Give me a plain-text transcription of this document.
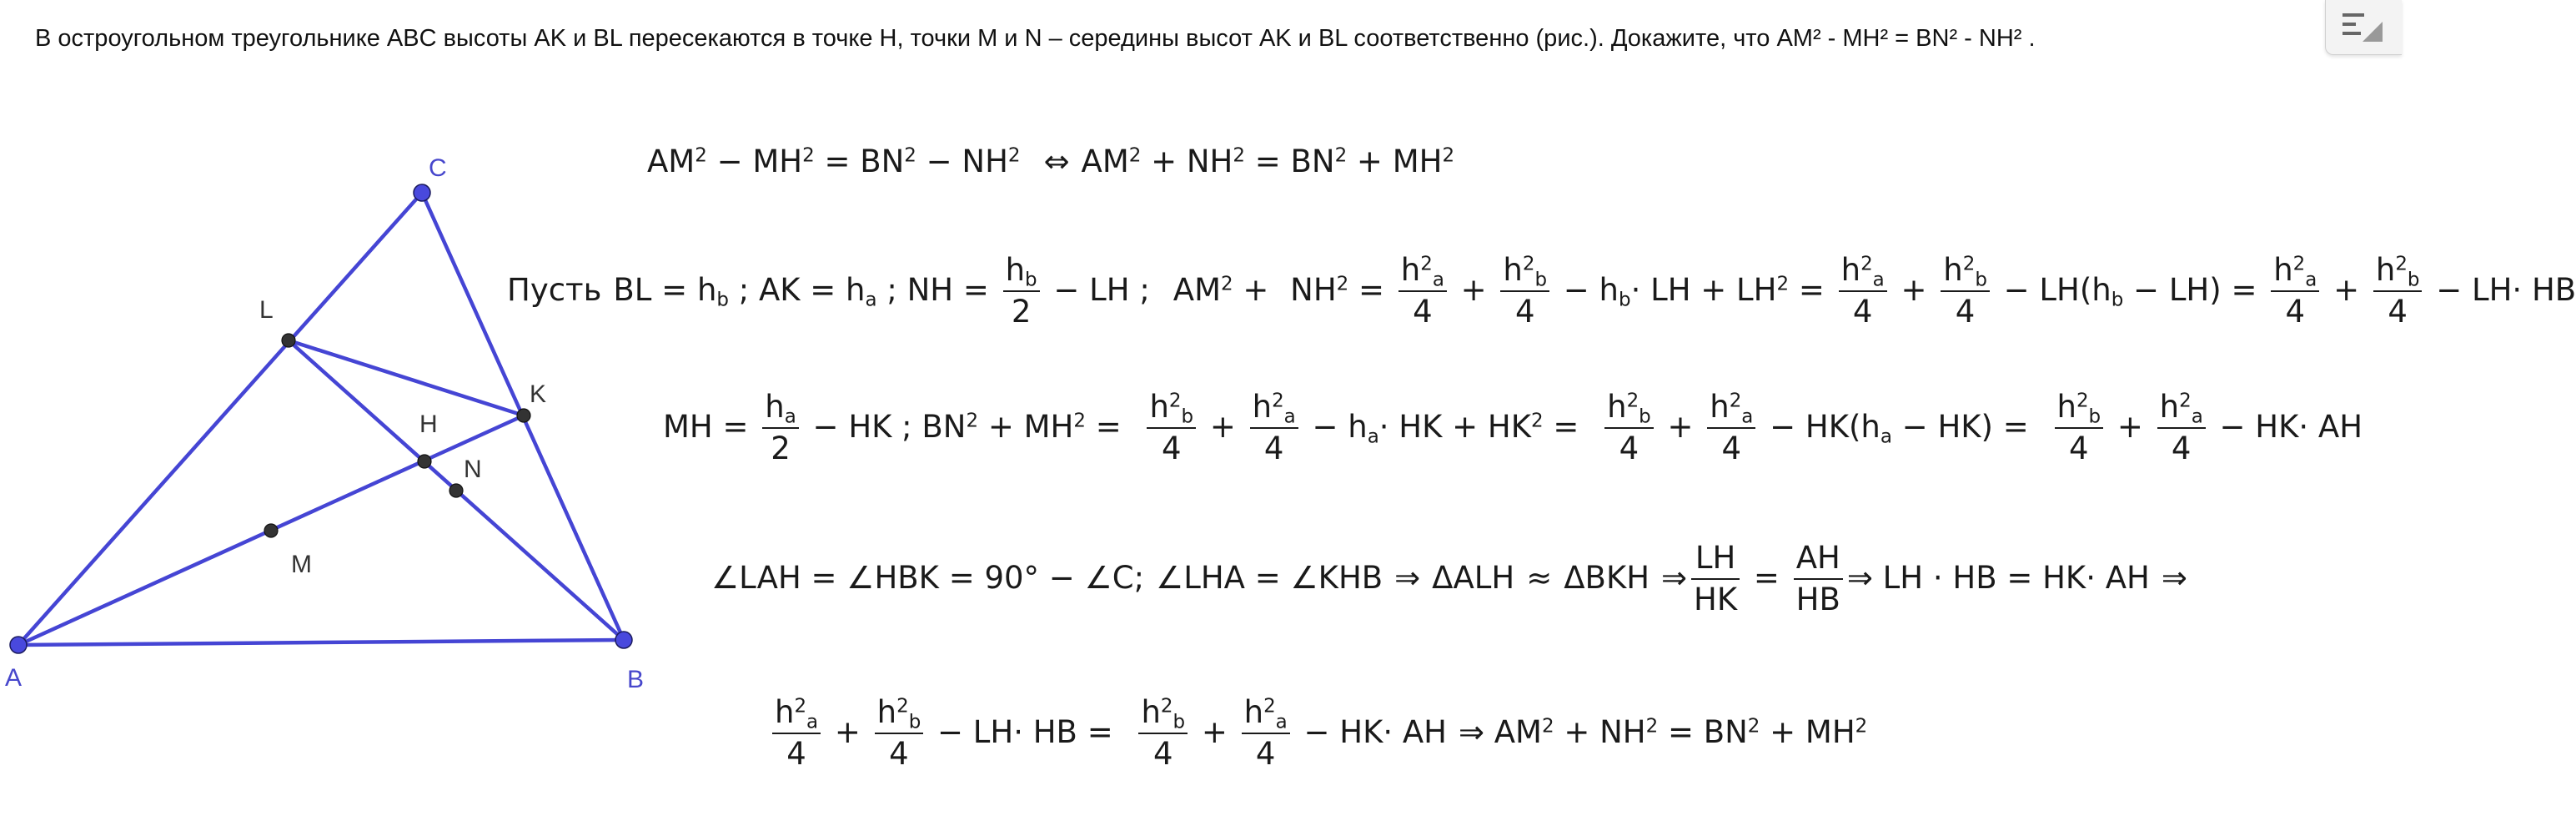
В остроугольном треугольнике ABC высоты AK и BL пересекаются в точке H, точки M и N – середины высот AK и BL соответственно (рис.). Докажите, что AM² - MH² = BN² - NH² .
A	B
C
L
K
H
N
M
$AM^2 - MH^2 = BN^2 - NH^2$ ⇔ $AM^2 + NH^2 = BN^2 + MH^2$
Пусть BL = $h_b$ ; AK = $h_a$ ; NH = $\frac{h_b}{2}$ − LH ; $AM^2 + NH^2 = \frac{h^2_a}{4} + \frac{h^2_b}{4} - h_b\cdot$ LH + $LH^2 = \frac{h^2_a}{4} + \frac{h^2_b}{4} - LH(h_b - LH) = \frac{h^2_a}{4} + \frac{h^2_b}{4} - LH\cdot$ HB
MH = $\frac{h_a}{2}$ − HK ; $BN^2 + MH^2 = \frac{h^2_b}{4} + \frac{h^2_a}{4} - h_a\cdot$ HK + $HK^2 = \frac{h^2_b}{4} + \frac{h^2_a}{4} - HK(h_a - HK) = \frac{h^2_b}{4} + \frac{h^2_a}{4} - HK\cdot$ AH
∠LAH = ∠HBK = 90° − ∠C; ∠LHA = ∠KHB ⇒ ΔALH ≈ ΔBKH ⇒ $\frac{LH}{HK} = \frac{AH}{HB}$ ⇒ LH · HB = HK· AH ⇒
$\frac{h^2_a}{4} + \frac{h^2_b}{4} - LH\cdot$ HB = $\frac{h^2_b}{4} + \frac{h^2_a}{4} - HK\cdot$ AH ⇒ $AM^2 + NH^2 = BN^2 + MH^2$
